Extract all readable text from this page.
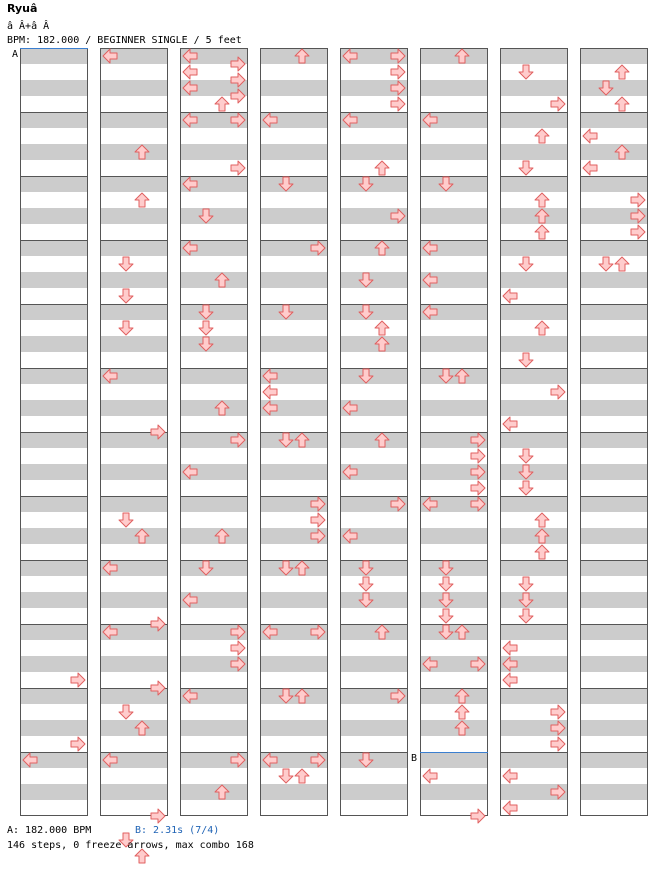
Ryuâ
â Â+â Â
BPM: 182.000 / BEGINNER SINGLE / 5 feet
A
B
A: 182.000 BPM	B: 2.31s (7/4)
146 steps, 0 freeze arrows, max combo 168
